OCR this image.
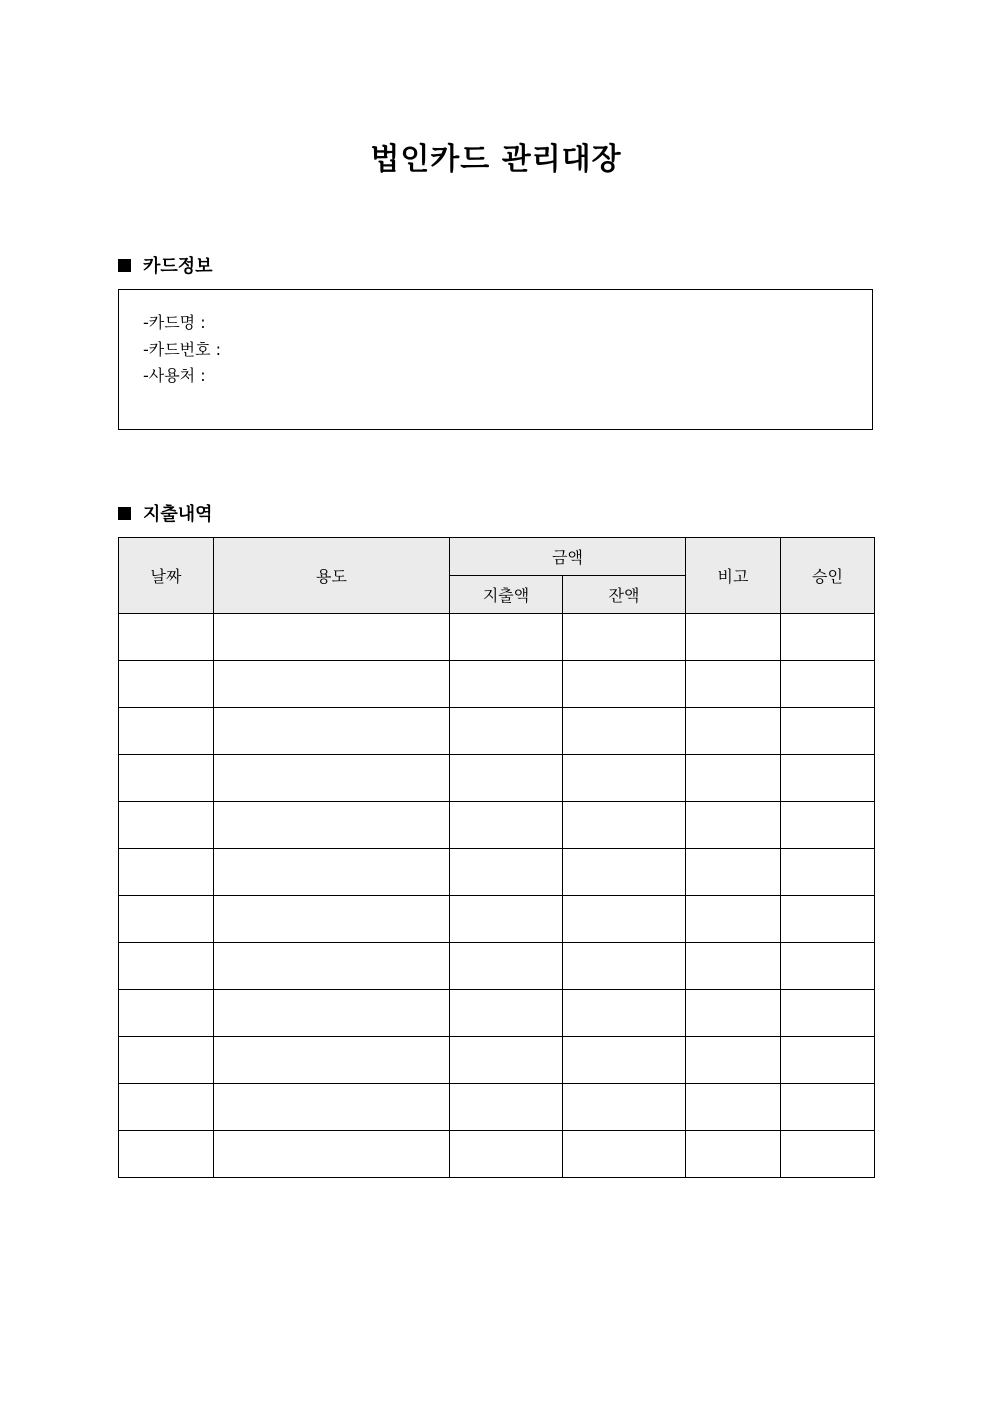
법인카드 관리대장
카드정보
-카드명 :
-카드번호 :
-사용처 :
지출내역
날짜	용도	금액		비고	승인
		지출액	잔액		
